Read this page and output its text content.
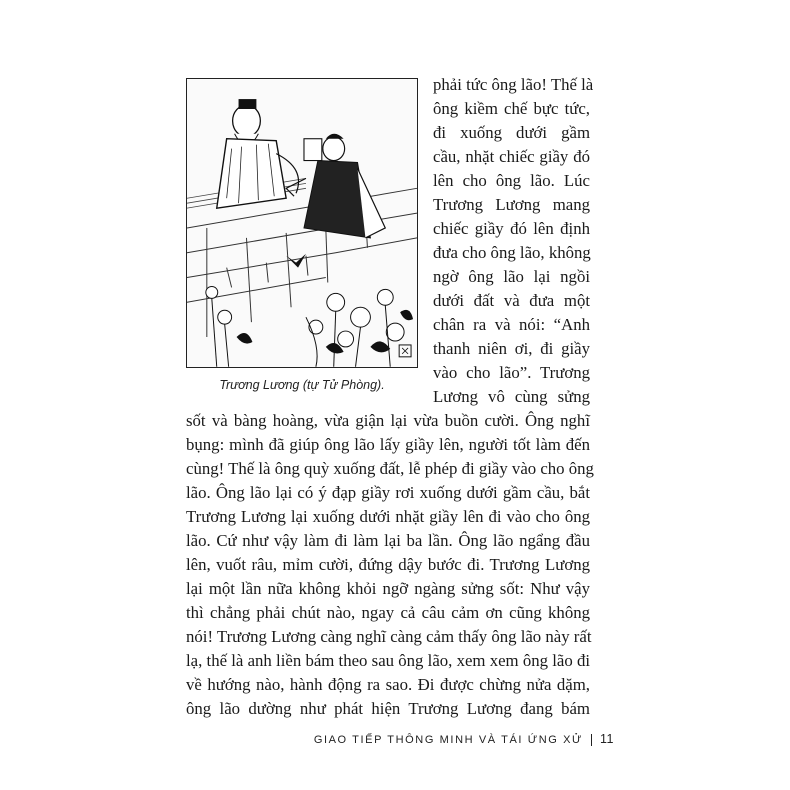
Trương Lương (tự Tử Phòng).
phải tức ông lão! Thế là
ông kiềm chế bực tức,
đi xuống dưới gầm
cầu, nhặt chiếc giầy đó
lên cho ông lão. Lúc
Trương Lương mang
chiếc giầy đó lên định
đưa cho ông lão, không
ngờ ông lão lại ngồi
dưới đất và đưa một
chân ra và nói: “Anh
thanh niên ơi, đi giầy
vào cho lão”. Trương
Lương vô cùng sửng
sốt và bàng hoàng, vừa giận lại vừa buồn cười. Ông nghĩ
bụng: mình đã giúp ông lão lấy giầy lên, người tốt làm đến
cùng! Thế là ông quỳ xuống đất, lễ phép đi giầy vào cho ông
lão. Ông lão lại có ý đạp giầy rơi xuống dưới gầm cầu, bắt
Trương Lương lại xuống dưới nhặt giầy lên đi vào cho ông
lão. Cứ như vậy làm đi làm lại ba lần. Ông lão ngẩng đầu
lên, vuốt râu, mỉm cười, đứng dậy bước đi. Trương Lương
lại một lần nữa không khỏi ngỡ ngàng sửng sốt: Như vậy
thì chẳng phải chút nào, ngay cả câu cảm ơn cũng không
nói! Trương Lương càng nghĩ càng cảm thấy ông lão này rất
lạ, thế là anh liền bám theo sau ông lão, xem xem ông lão đi
về hướng nào, hành động ra sao. Đi được chừng nửa dặm,
ông lão dường như phát hiện Trương Lương đang bám
GIAO TIẾP THÔNG MINH VÀ TÁI ỨNG XỬ 11
